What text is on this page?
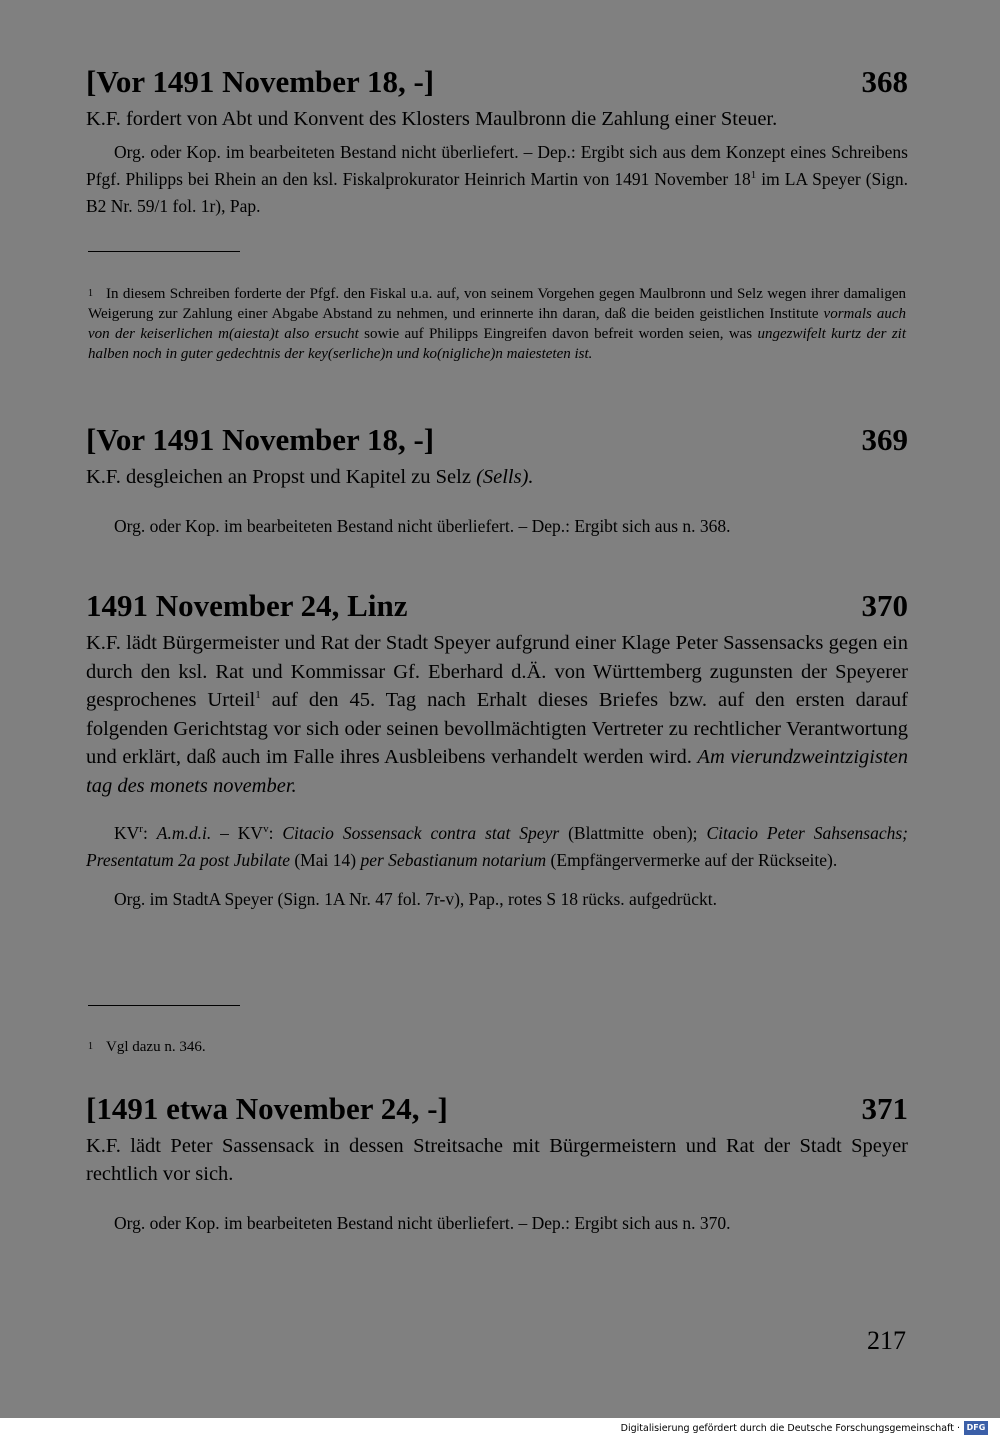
[Vor 1491 November 18, -]	368
K.F. fordert von Abt und Konvent des Klosters Maulbronn die Zahlung einer Steuer.
Org. oder Kop. im bearbeiteten Bestand nicht überliefert. – Dep.: Ergibt sich aus dem Konzept eines Schreibens Pfgf. Philipps bei Rhein an den ksl. Fiskalprokurator Heinrich Martin von 1491 November $18^1$ im LA Speyer (Sign. B2 Nr. 59/1 fol. 1r), Pap.
1 In diesem Schreiben forderte der Pfgf. den Fiskal u.a. auf, von seinem Vorgehen gegen Maulbronn und Selz wegen ihrer damaligen Weigerung zur Zahlung einer Abgabe Abstand zu nehmen, und erinnerte ihn daran, daß die beiden geistlichen Institute vormals auch von der keiserlichen m(aiesta)t also ersucht sowie auf Philipps Eingreifen davon befreit worden seien, was ungezwifelt kurtz der zit halben noch in guter gedechtnis der key(serliche)n und ko(nigliche)n maiesteten ist.
[Vor 1491 November 18, -]	369
K.F. desgleichen an Propst und Kapitel zu Selz (Sells).
Org. oder Kop. im bearbeiteten Bestand nicht überliefert. – Dep.: Ergibt sich aus n. 368.
1491 November 24, Linz	370
K.F. lädt Bürgermeister und Rat der Stadt Speyer aufgrund einer Klage Peter Sassensacks gegen ein durch den ksl. Rat und Kommissar Gf. Eberhard d.Ä. von Württemberg zugunsten der Speyerer gesprochenes Urteil$^1$ auf den 45. Tag nach Erhalt dieses Briefes bzw. auf den ersten darauf folgenden Gerichtstag vor sich oder seinen bevollmächtigten Vertreter zu rechtlicher Verantwortung und erklärt, daß auch im Falle ihres Ausbleibens verhandelt werden wird. Am vierundzweintzigisten tag des monets november.
$KV^r$: A.m.d.i. – $KV^v$: Citacio Sossensack contra stat Speyr (Blattmitte oben); Citacio Peter Sahsensachs; Presentatum 2a post Jubilate (Mai 14) per Sebastianum notarium (Empfängervermerke auf der Rückseite).
Org. im StadtA Speyer (Sign. 1A Nr. 47 fol. 7r-v), Pap., rotes S 18 rücks. aufgedrückt.
1 Vgl dazu n. 346.
[1491 etwa November 24, -]	371
K.F. lädt Peter Sassensack in dessen Streitsache mit Bürgermeistern und Rat der Stadt Speyer rechtlich vor sich.
Org. oder Kop. im bearbeiteten Bestand nicht überliefert. – Dep.: Ergibt sich aus n. 370.
217
Digitalisierung gefördert durch die Deutsche Forschungsgemeinschaft · DFG
